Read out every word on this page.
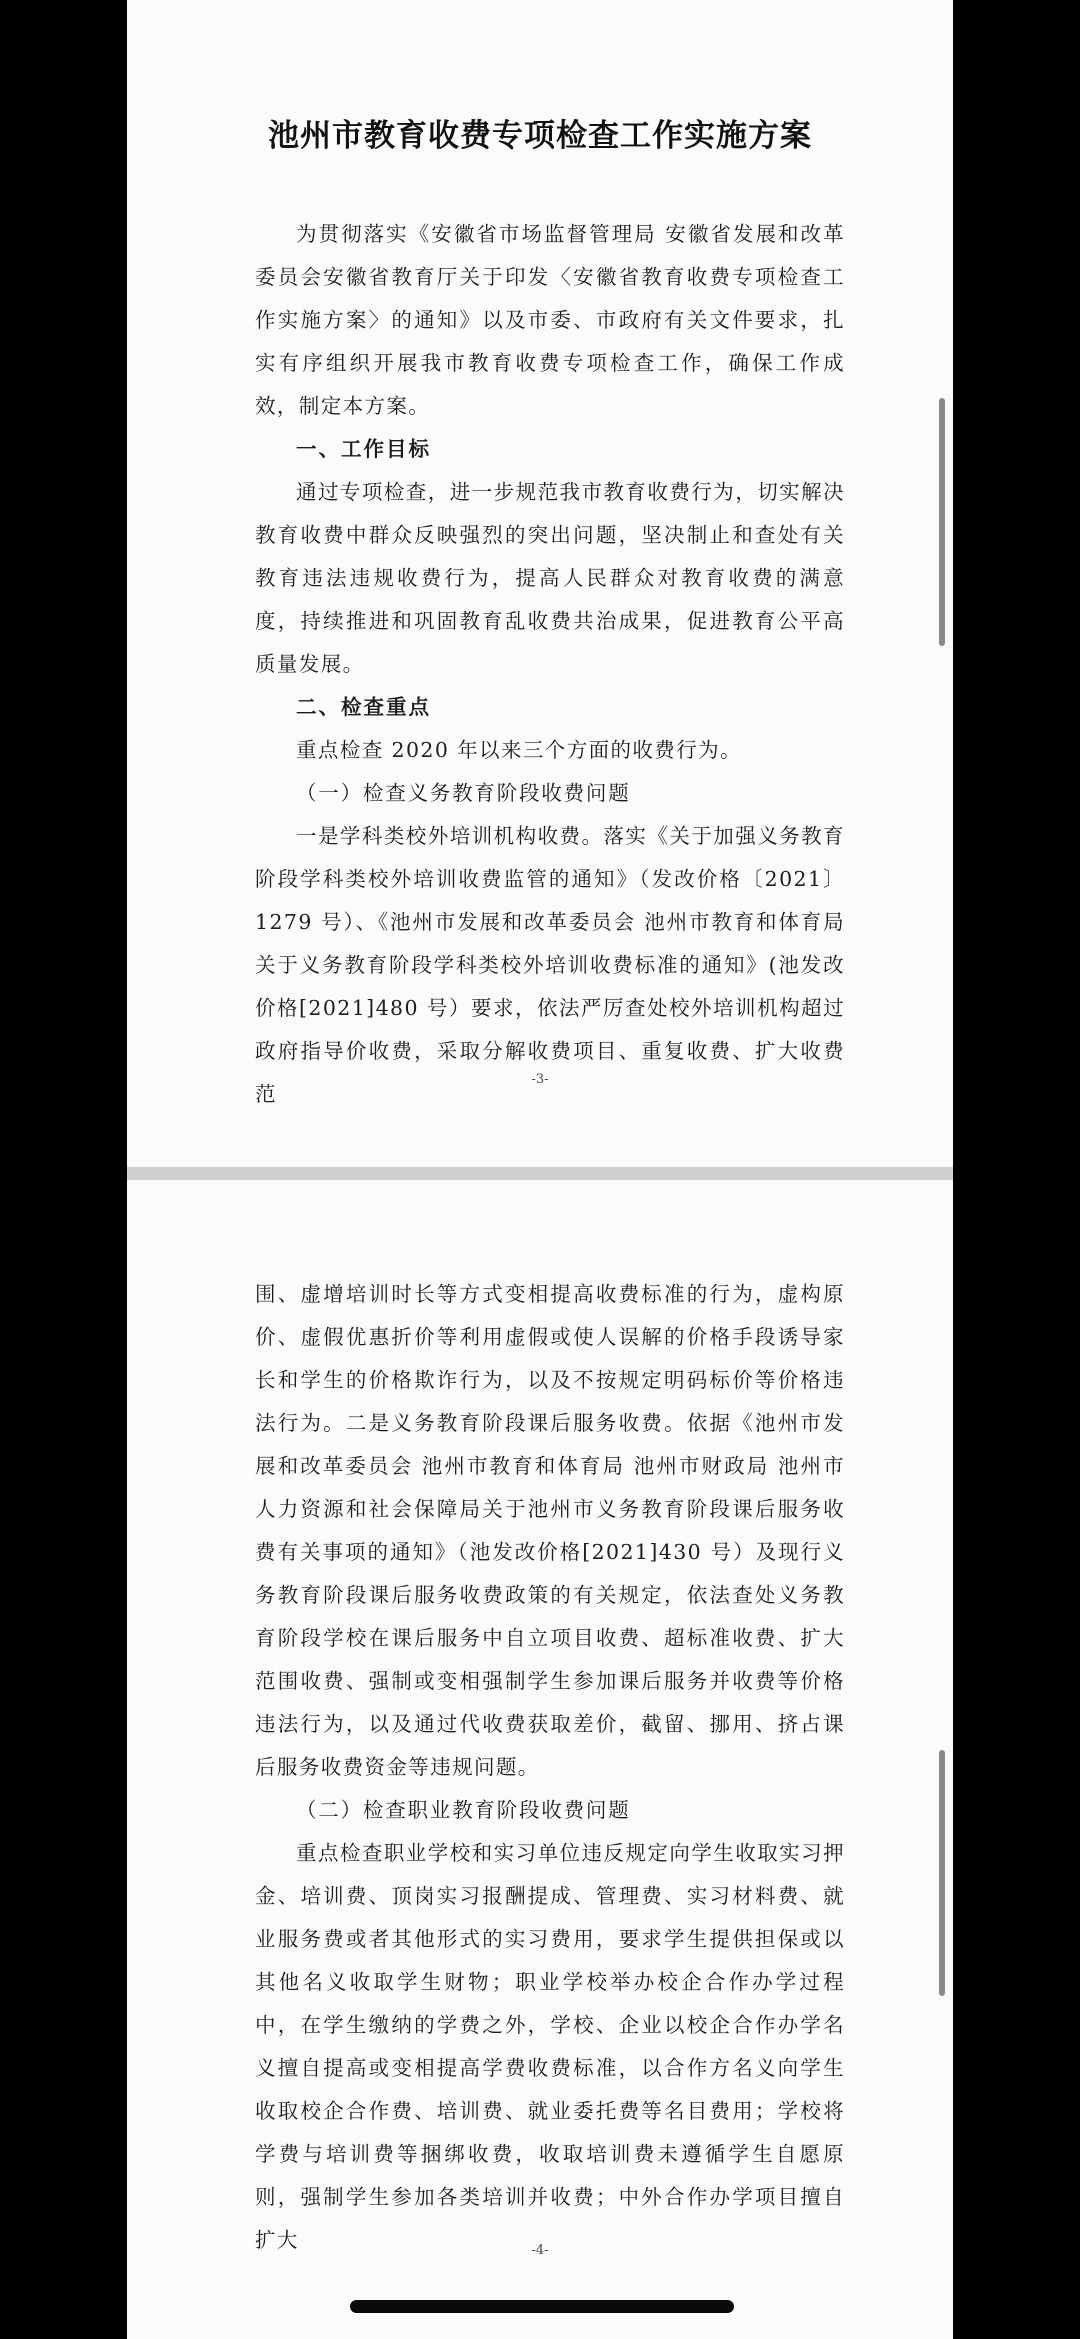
池州市教育收费专项检查工作实施方案

为贯彻落实《安徽省市场监督管理局 安徽省发展和改革委员会安徽省教育厅关于印发〈安徽省教育收费专项检查工作实施方案〉的通知》以及市委、市政府有关文件要求，扎实有序组织开展我市教育收费专项检查工作，确保工作成效，制定本方案。

一、工作目标

通过专项检查，进一步规范我市教育收费行为，切实解决教育收费中群众反映强烈的突出问题，坚决制止和查处有关教育违法违规收费行为，提高人民群众对教育收费的满意度，持续推进和巩固教育乱收费共治成果，促进教育公平高质量发展。

二、检查重点

重点检查 2020 年以来三个方面的收费行为。

（一）检查义务教育阶段收费问题

一是学科类校外培训机构收费。落实《关于加强义务教育阶段学科类校外培训收费监管的通知》（发改价格〔2021〕1279 号）、《池州市发展和改革委员会 池州市教育和体育局关于义务教育阶段学科类校外培训收费标准的通知》(池发改价格[2021]480 号）要求，依法严厉查处校外培训机构超过政府指导价收费，采取分解收费项目、重复收费、扩大收费范

-3-

围、虚增培训时长等方式变相提高收费标准的行为，虚构原价、虚假优惠折价等利用虚假或使人误解的价格手段诱导家长和学生的价格欺诈行为，以及不按规定明码标价等价格违法行为。二是义务教育阶段课后服务收费。依据《池州市发展和改革委员会 池州市教育和体育局 池州市财政局 池州市人力资源和社会保障局关于池州市义务教育阶段课后服务收费有关事项的通知》（池发改价格[2021]430 号）及现行义务教育阶段课后服务收费政策的有关规定，依法查处义务教育阶段学校在课后服务中自立项目收费、超标准收费、扩大范围收费、强制或变相强制学生参加课后服务并收费等价格违法行为，以及通过代收费获取差价，截留、挪用、挤占课后服务收费资金等违规问题。

（二）检查职业教育阶段收费问题

重点检查职业学校和实习单位违反规定向学生收取实习押金、培训费、顶岗实习报酬提成、管理费、实习材料费、就业服务费或者其他形式的实习费用，要求学生提供担保或以其他名义收取学生财物；职业学校举办校企合作办学过程中，在学生缴纳的学费之外，学校、企业以校企合作办学名义擅自提高或变相提高学费收费标准，以合作方名义向学生收取校企合作费、培训费、就业委托费等名目费用；学校将学费与培训费等捆绑收费，收取培训费未遵循学生自愿原则，强制学生参加各类培训并收费；中外合作办学项目擅自扩大	-4-
